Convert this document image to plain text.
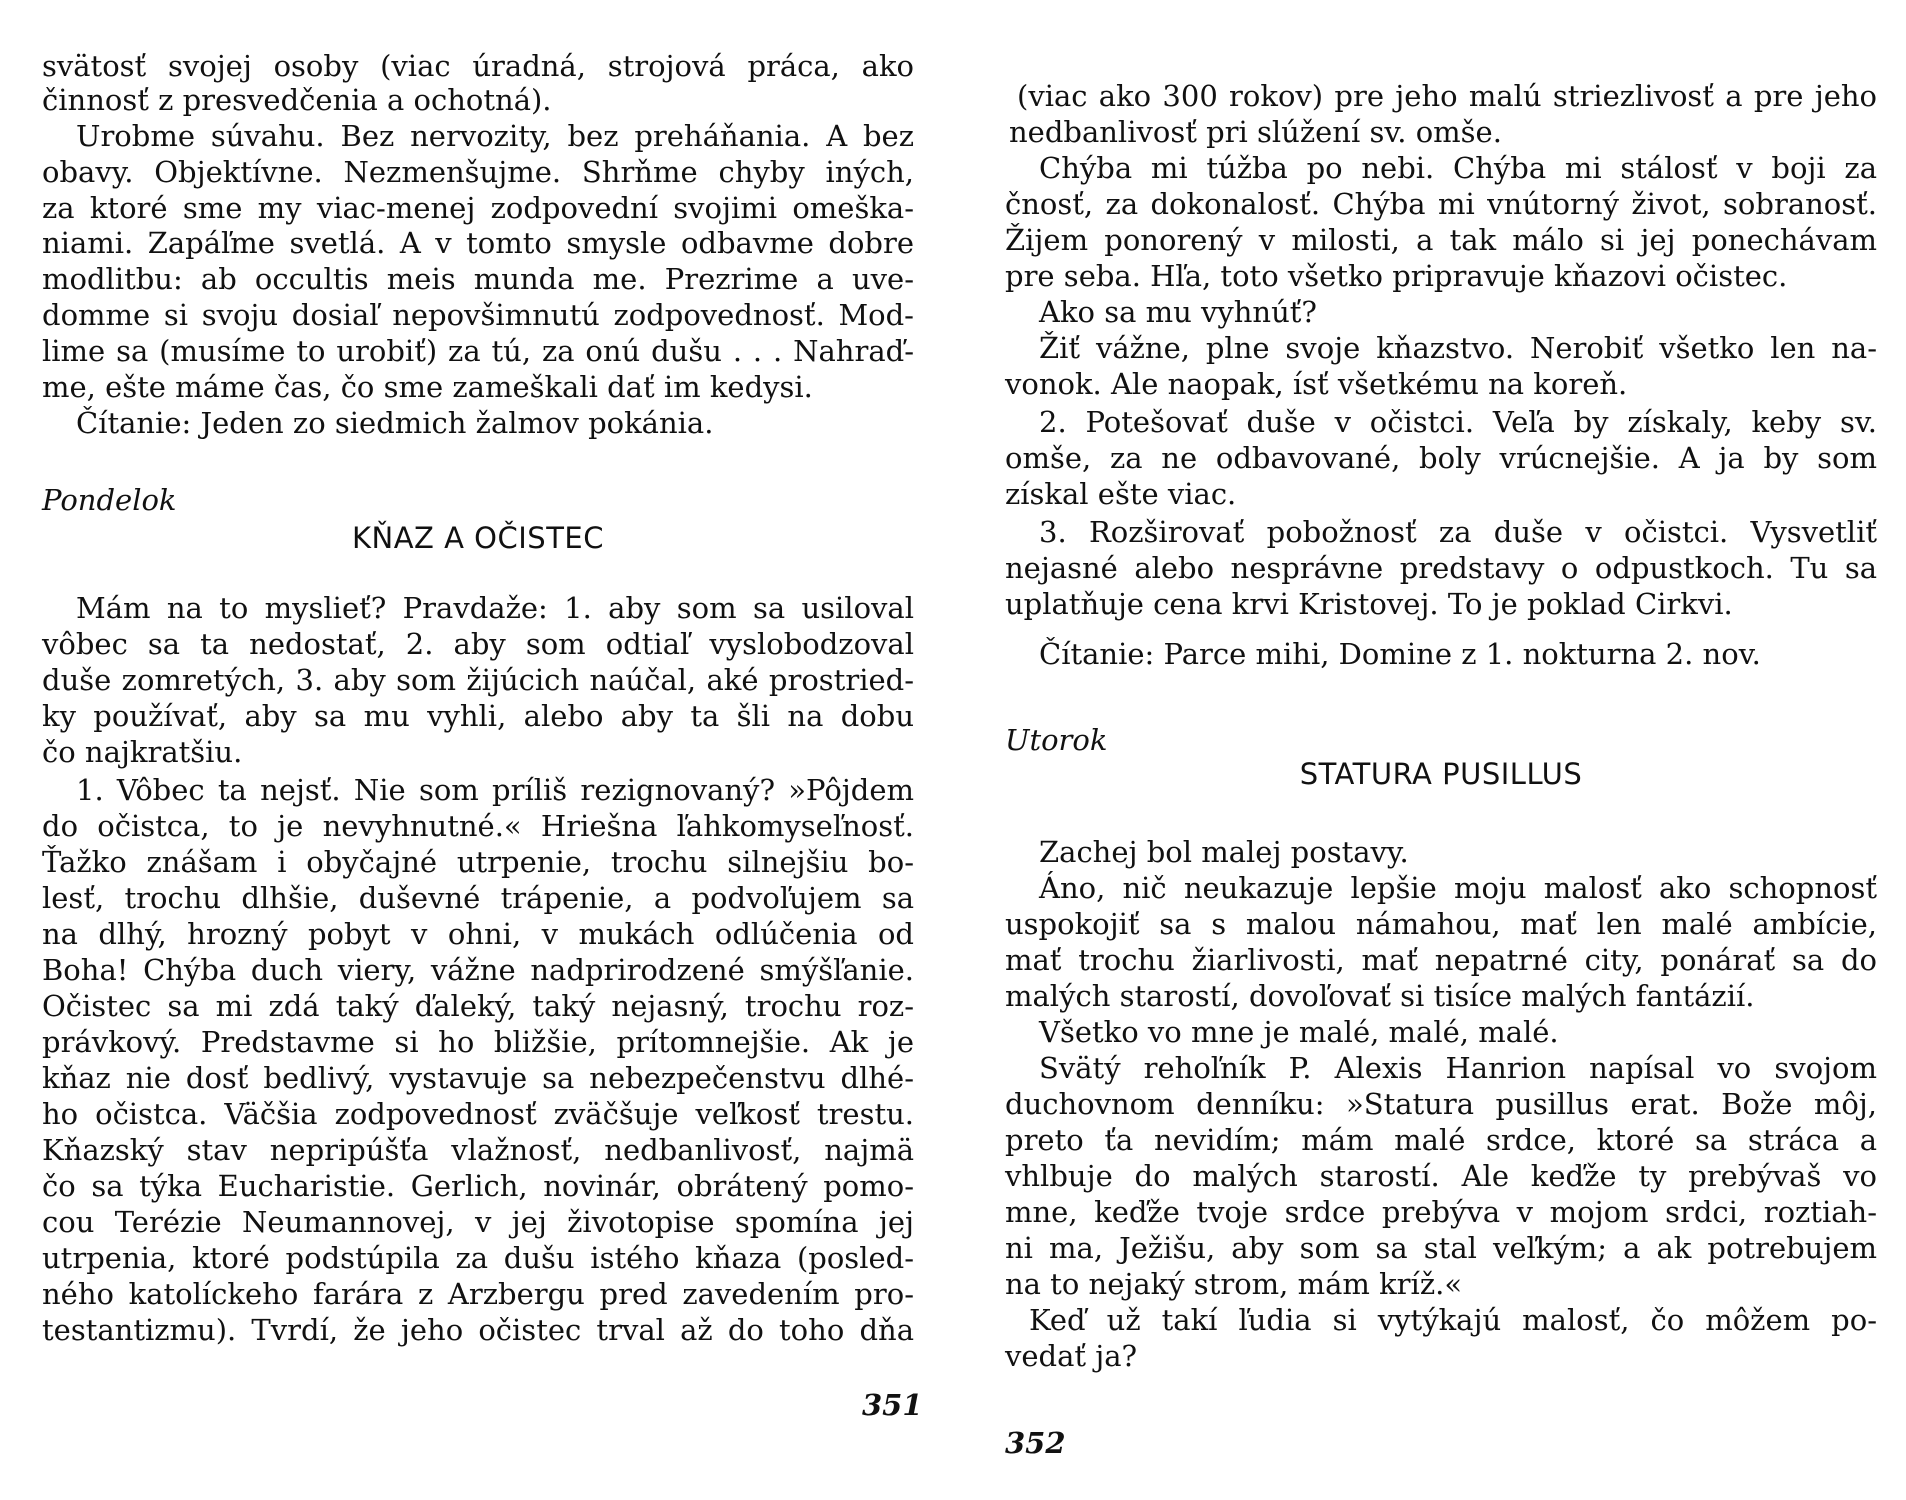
svätosť svojej osoby (viac úradná, strojová práca, ako
činnosť z presvedčenia a ochotná).
Urobme súvahu. Bez nervozity, bez preháňania. A bez
obavy. Objektívne. Nezmenšujme. Shrňme chyby iných,
za ktoré sme my viac-menej zodpovední svojimi omeška-
niami. Zapáľme svetlá. A v tomto smysle odbavme dobre
modlitbu: ab occultis meis munda me. Prezrime a uve-
domme si svoju dosiaľ nepovšimnutú zodpovednosť. Mod-
lime sa (musíme to urobiť) za tú, za onú dušu . . . Nahraď-
me, ešte máme čas, čo sme zameškali dať im kedysi.
Čítanie: Jeden zo siedmich žalmov pokánia.
Pondelok
KŇAZ A OČISTEC
Mám na to myslieť? Pravdaže: 1. aby som sa usiloval
vôbec sa ta nedostať, 2. aby som odtiaľ vyslobodzoval
duše zomretých, 3. aby som žijúcich naúčal, aké prostried-
ky používať, aby sa mu vyhli, alebo aby ta šli na dobu
čo najkratšiu.
1. Vôbec ta nejsť. Nie som príliš rezignovaný? »Pôjdem
do očistca, to je nevyhnutné.« Hriešna ľahkomyseľnosť.
Ťažko znášam i obyčajné utrpenie, trochu silnejšiu bo-
lesť, trochu dlhšie, duševné trápenie, a podvoľujem sa
na dlhý, hrozný pobyt v ohni, v mukách odlúčenia od
Boha! Chýba duch viery, vážne nadprirodzené smýšľanie.
Očistec sa mi zdá taký ďaleký, taký nejasný, trochu roz-
právkový. Predstavme si ho bližšie, prítomnejšie. Ak je
kňaz nie dosť bedlivý, vystavuje sa nebezpečenstvu dlhé-
ho očistca. Väčšia zodpovednosť zväčšuje veľkosť trestu.
Kňazský stav nepripúšťa vlažnosť, nedbanlivosť, najmä
čo sa týka Eucharistie. Gerlich, novinár, obrátený pomo-
cou Terézie Neumannovej, v jej životopise spomína jej
utrpenia, ktoré podstúpila za dušu istého kňaza (posled-
ného katolíckeho farára z Arzbergu pred zavedením pro-
testantizmu). Tvrdí, že jeho očistec trval až do toho dňa
351
(viac ako 300 rokov) pre jeho malú striezlivosť a pre jeho
nedbanlivosť pri slúžení sv. omše.
Chýba mi túžba po nebi. Chýba mi stálosť v boji za
čnosť, za dokonalosť. Chýba mi vnútorný život, sobranosť.
Žijem ponorený v milosti, a tak málo si jej ponechávam
pre seba. Hľa, toto všetko pripravuje kňazovi očistec.
Ako sa mu vyhnúť?
Žiť vážne, plne svoje kňazstvo. Nerobiť všetko len na-
vonok. Ale naopak, ísť všetkému na koreň.
2. Potešovať duše v očistci. Veľa by získaly, keby sv.
omše, za ne odbavované, boly vrúcnejšie. A ja by som
získal ešte viac.
3. Rozširovať pobožnosť za duše v očistci. Vysvetliť
nejasné alebo nesprávne predstavy o odpustkoch. Tu sa
uplatňuje cena krvi Kristovej. To je poklad Cirkvi.
Čítanie: Parce mihi, Domine z 1. nokturna 2. nov.
Utorok
STATURA PUSILLUS
Zachej bol malej postavy.
Áno, nič neukazuje lepšie moju malosť ako schopnosť
uspokojiť sa s malou námahou, mať len malé ambície,
mať trochu žiarlivosti, mať nepatrné city, ponárať sa do
malých starostí, dovoľovať si tisíce malých fantázií.
Všetko vo mne je malé, malé, malé.
Svätý rehoľník P. Alexis Hanrion napísal vo svojom
duchovnom denníku: »Statura pusillus erat. Bože môj,
preto ťa nevidím; mám malé srdce, ktoré sa stráca a
vhlbuje do malých starostí. Ale keďže ty prebývaš vo
mne, keďže tvoje srdce prebýva v mojom srdci, roztiah-
ni ma, Ježišu, aby som sa stal veľkým; a ak potrebujem
na to nejaký strom, mám kríž.«
Keď už takí ľudia si vytýkajú malosť, čo môžem po-
vedať ja?
352
